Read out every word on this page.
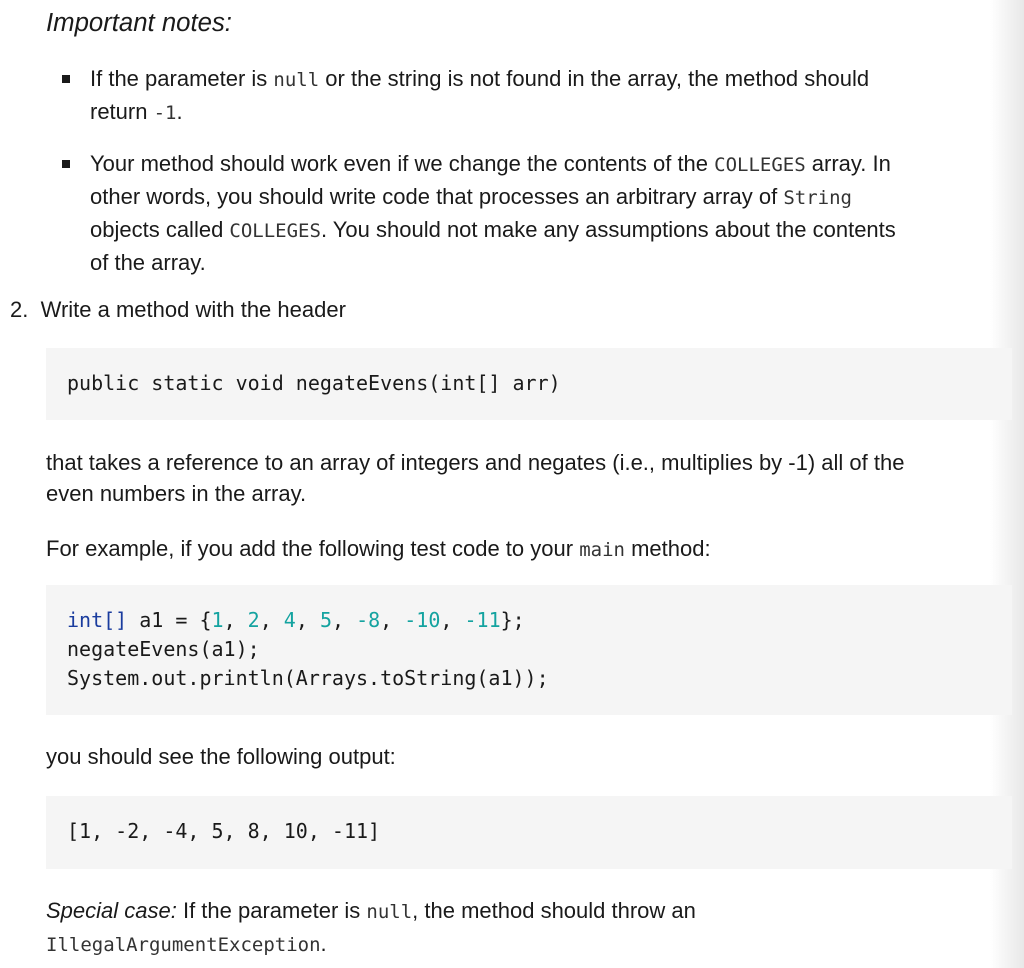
Important notes:
If the parameter is null or the string is not found in the array, the method should
return -1.
Your method should work even if we change the contents of the COLLEGES array. In
other words, you should write code that processes an arbitrary array of String
objects called COLLEGES. You should not make any assumptions about the contents
of the array.
2. Write a method with the header
public static void negateEvens(int[] arr)

that takes a reference to an array of integers and negates (i.e., multiplies by -1) all of the
even numbers in the array.

For example, if you add the following test code to your main method:

int[] a1 = {1, 2, 4, 5, -8, -10, -11};
negateEvens(a1);
System.out.println(Arrays.toString(a1));

you should see the following output:

[1, -2, -4, 5, 8, 10, -11]

Special case: If the parameter is null, the method should throw an
IllegalArgumentException.
